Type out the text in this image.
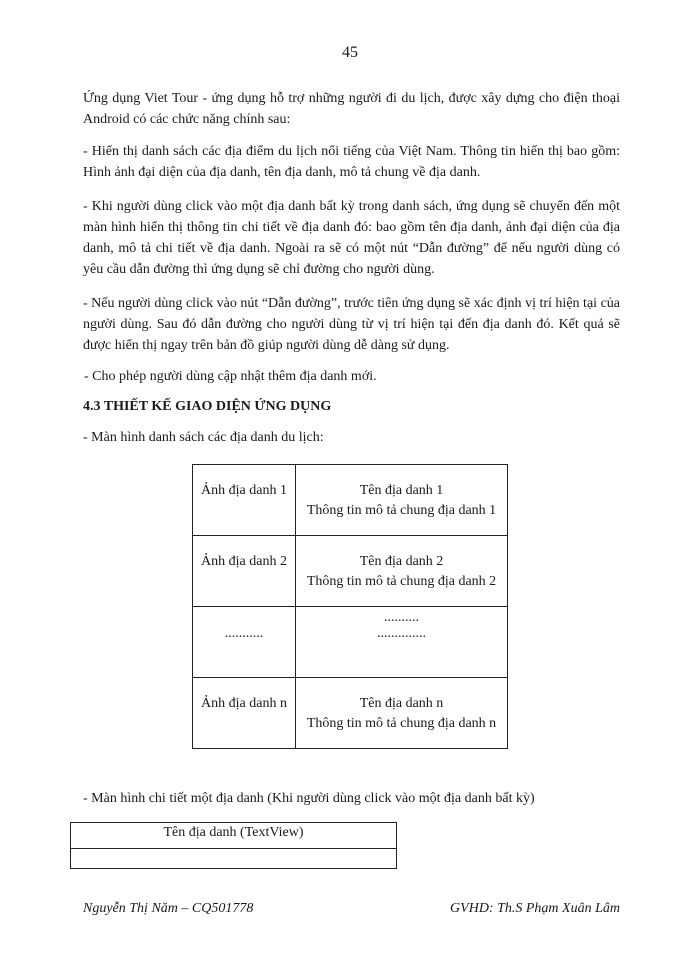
45

Ứng dụng Viet Tour - ứng dụng hỗ trợ những người đi du lịch, được xây dựng cho điện thoại Android có các chức năng chính sau:

- Hiển thị danh sách các địa điểm du lịch nổi tiếng của Việt Nam. Thông tin hiển thị bao gồm: Hình ảnh đại diện của địa danh, tên địa danh, mô tả chung về địa danh.

- Khi người dùng click vào một địa danh bất kỳ trong danh sách, ứng dụng sẽ chuyển đến một màn hình hiển thị thông tin chi tiết về địa danh đó: bao gồm tên địa danh, ảnh đại diện của địa danh, mô tả chi tiết về địa danh. Ngoài ra sẽ có một nút “Dẫn đường” để nếu người dùng có yêu cầu dẫn đường thì ứng dụng sẽ chỉ đường cho người dùng.

- Nếu người dùng click vào nút “Dẫn đường”, trước tiên ứng dụng sẽ xác định vị trí hiện tại của người dùng. Sau đó dẫn đường cho người dùng từ vị trí hiện tại đến địa danh đó. Kết quả sẽ được hiển thị ngay trên bản đồ giúp người dùng dễ dàng sử dụng.

- Cho phép người dùng cập nhật thêm địa danh mới.

4.3 THIẾT KẾ GIAO DIỆN ỨNG DỤNG

- Màn hình danh sách các địa danh du lịch:

Ảnh địa danh 1	Tên địa danh 1
Thông tin mô tả chung địa danh 1

Ảnh địa danh 2	Tên địa danh 2
Thông tin mô tả chung địa danh 2

...........	..........
..............

Ảnh địa danh n	Tên địa danh n
Thông tin mô tả chung địa danh n

- Màn hình chi tiết một địa danh (Khi người dùng click vào một địa danh bất kỳ)

Tên địa danh (TextView)

Nguyễn Thị Năm – CQ501778	GVHD: Th.S Phạm Xuân Lâm
